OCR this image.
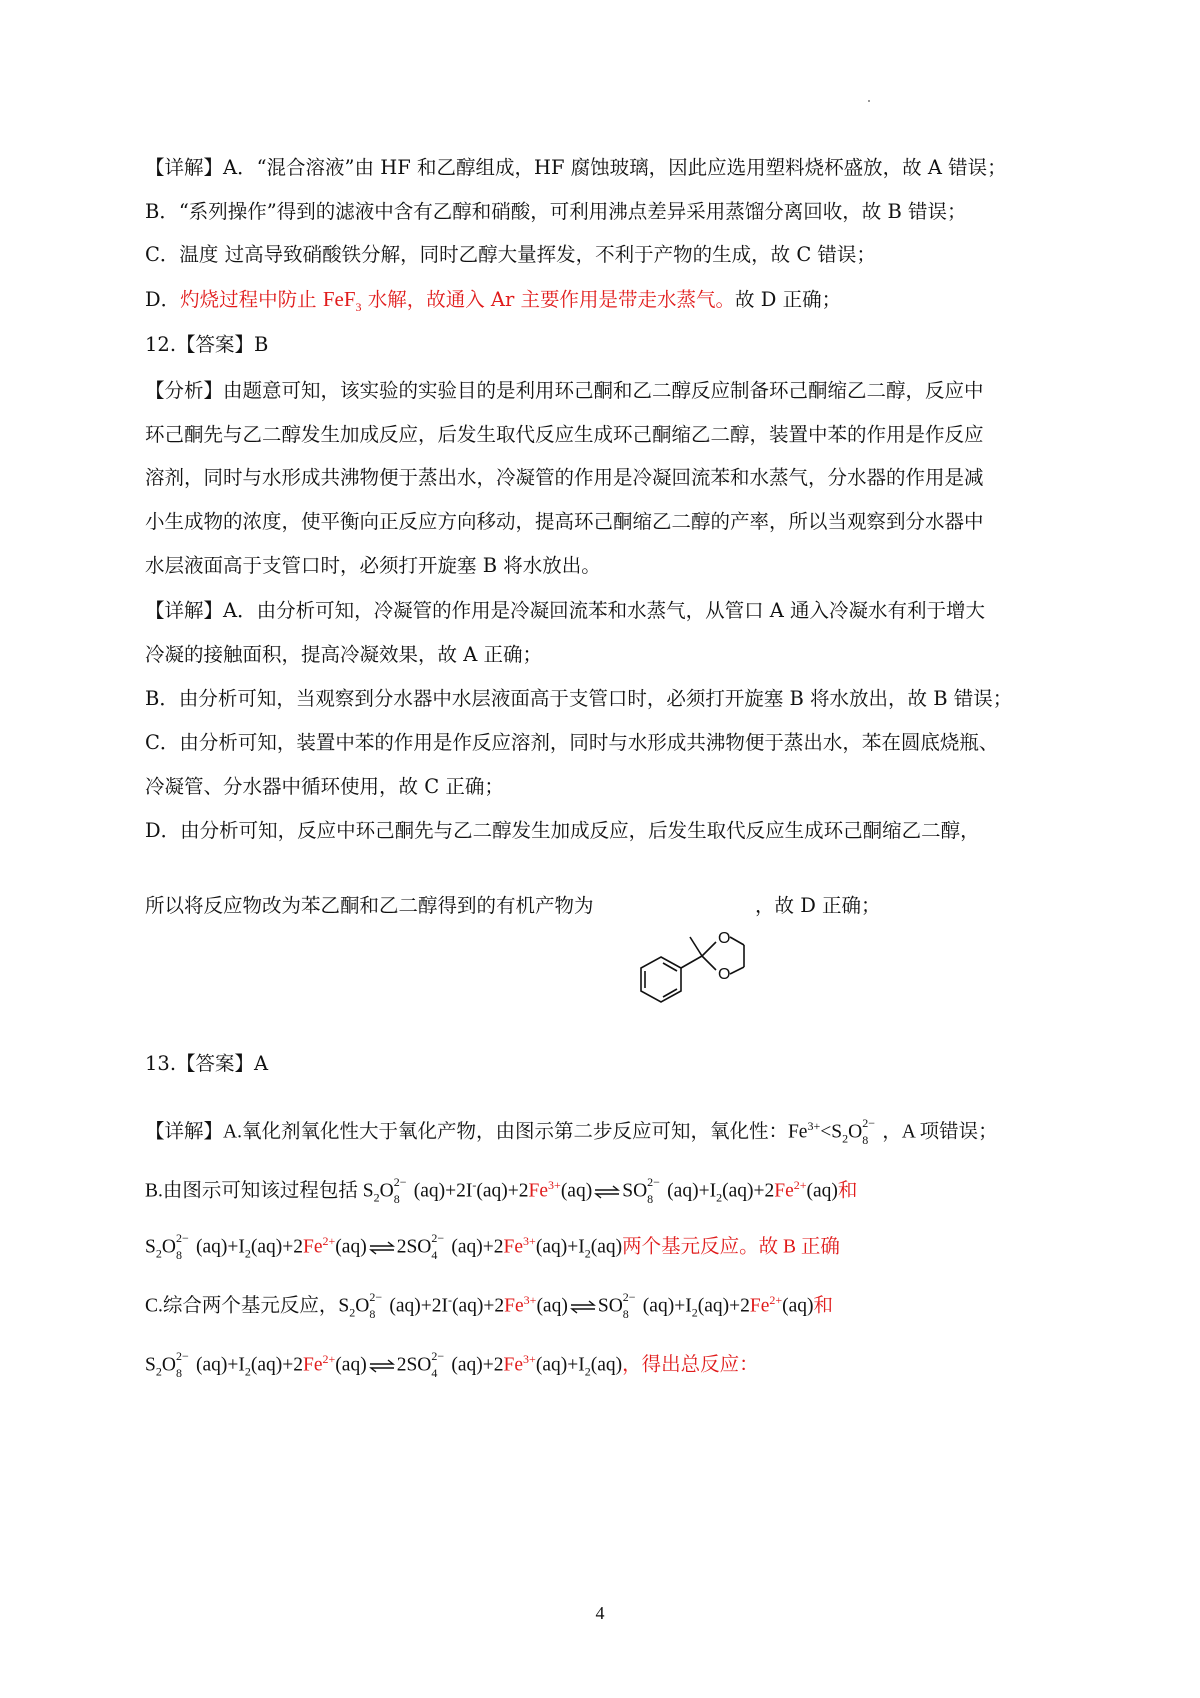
【详解】A．“混合溶液”由 HF 和乙醇组成，HF 腐蚀玻璃，因此应选用塑料烧杯盛放，故 A 错误；
B．“系列操作”得到的滤液中含有乙醇和硝酸，可利用沸点差异采用蒸馏分离回收，故 B 错误；
C．温度 过高导致硝酸铁分解，同时乙醇大量挥发，不利于产物的生成，故 C 错误；
D．灼烧过程中防止 FeF$_3$ 水解，故通入 Ar 主要作用是带走水蒸气。故 D 正确；
12.【答案】B
【分析】由题意可知，该实验的实验目的是利用环己酮和乙二醇反应制备环己酮缩乙二醇，反应中
环己酮先与乙二醇发生加成反应，后发生取代反应生成环己酮缩乙二醇，装置中苯的作用是作反应
溶剂，同时与水形成共沸物便于蒸出水，冷凝管的作用是冷凝回流苯和水蒸气，分水器的作用是减
小生成物的浓度，使平衡向正反应方向移动，提高环己酮缩乙二醇的产率，所以当观察到分水器中
水层液面高于支管口时，必须打开旋塞 B 将水放出。
【详解】A．由分析可知，冷凝管的作用是冷凝回流苯和水蒸气，从管口 A 通入冷凝水有利于增大
冷凝的接触面积，提高冷凝效果，故 A 正确；
B．由分析可知，当观察到分水器中水层液面高于支管口时，必须打开旋塞 B 将水放出，故 B 错误；
C．由分析可知，装置中苯的作用是作反应溶剂，同时与水形成共沸物便于蒸出水，苯在圆底烧瓶、
冷凝管、分水器中循环使用，故 C 正确；
D．由分析可知，反应中环己酮先与乙二醇发生加成反应，后发生取代反应生成环己酮缩乙二醇，
所以将反应物改为苯乙酮和乙二醇得到的有机产物为	，故 D 正确；
O
O
13.【答案】A
【详解】A.氧化剂氧化性大于氧化产物，由图示第二步反应可知，氧化性：$Fe^{3+}<S_2O$ 2−
8 ，A 项错误；
B.由图示可知该过程包括 $S_2O$ 2−
8 $(aq)+2I^-(aq)+2Fe^{3+}(aq)$ ⇌ SO 2−
8 $(aq)+I_2(aq)+2Fe^{2+}(aq)$和
$S_2O$ 2−
8 $(aq)+I_2(aq)+2Fe^{2+}(aq)$ ⇌ 2SO 2−
4 $(aq)+2Fe^{3+}(aq)+I_2(aq)$两个基元反应。故 B 正确
C.综合两个基元反应，$S_2O$ 2−
8 $(aq)+2I^-(aq)+2Fe^{3+}(aq)$ ⇌ SO 2−
8 $(aq)+I_2(aq)+2Fe^{2+}(aq)$和
$S_2O$ 2−
8 $(aq)+I_2(aq)+2Fe^{2+}(aq)$ ⇌ 2SO 2−
4 $(aq)+2Fe^{3+}(aq)+I_2(aq)$，得出总反应：
4
